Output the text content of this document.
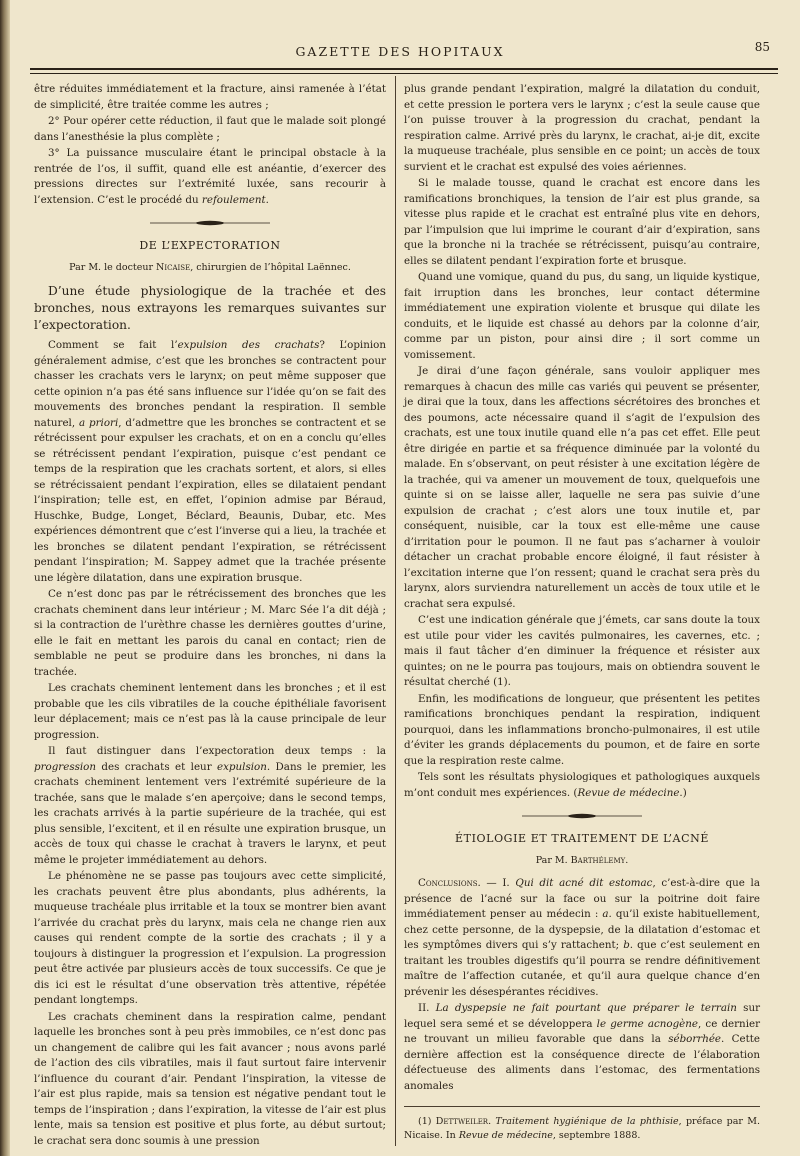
GAZETTE DES HOPITAUX	85

être réduites immédiatement et la fracture, ainsi ramenée à l’état de simplicité, être traitée comme les autres ;

2° Pour opérer cette réduction, il faut que le malade soit plongé dans l’anesthésie la plus complète ;

3° La puissance musculaire étant le principal obstacle à la rentrée de l’os, il suffit, quand elle est anéantie, d’exercer des pressions directes sur l’extrémité luxée, sans recourir à l’extension. C’est le procédé du refoulement.

DE L’EXPECTORATION
Par M. le docteur Nicaise, chirurgien de l’hôpital Laënnec.

D’une étude physiologique de la trachée et des bronches, nous extrayons les remarques suivantes sur l’expectoration.

Comment se fait l’expulsion des crachats? L’opinion généralement admise, c’est que les bronches se contractent pour chasser les crachats vers le larynx; on peut même supposer que cette opinion n’a pas été sans influence sur l’idée qu’on se fait des mouvements des bronches pendant la respiration. Il semble naturel, a priori, d’admettre que les bronches se contractent et se rétrécissent pour expulser les crachats, et on en a conclu qu’elles se rétrécissent pendant l’expiration, puisque c’est pendant ce temps de la respiration que les crachats sortent, et alors, si elles se rétrécissaient pendant l’expiration, elles se dilataient pendant l’inspiration; telle est, en effet, l’opinion admise par Béraud, Huschke, Budge, Longet, Béclard, Beaunis, Dubar, etc. Mes expériences démontrent que c’est l’inverse qui a lieu, la trachée et les bronches se dilatent pendant l’expiration, se rétrécissent pendant l’inspiration; M. Sappey admet que la trachée présente une légère dilatation, dans une expiration brusque.

Ce n’est donc pas par le rétrécissement des bronches que les crachats cheminent dans leur intérieur ; M. Marc Sée l’a dit déjà ; si la contraction de l’urèthre chasse les dernières gouttes d’urine, elle le fait en mettant les parois du canal en contact; rien de semblable ne peut se produire dans les bronches, ni dans la trachée.

Les crachats cheminent lentement dans les bronches ; et il est probable que les cils vibratiles de la couche épithéliale favorisent leur déplacement; mais ce n’est pas là la cause principale de leur progression.

Il faut distinguer dans l’expectoration deux temps : la progression des crachats et leur expulsion. Dans le premier, les crachats cheminent lentement vers l’extrémité supérieure de la trachée, sans que le malade s’en aperçoive; dans le second temps, les crachats arrivés à la partie supérieure de la trachée, qui est plus sensible, l’excitent, et il en résulte une expiration brusque, un accès de toux qui chasse le crachat à travers le larynx, et peut même le projeter immédiatement au dehors.

Le phénomène ne se passe pas toujours avec cette simplicité, les crachats peuvent être plus abondants, plus adhérents, la muqueuse trachéale plus irritable et la toux se montrer bien avant l’arrivée du crachat près du larynx, mais cela ne change rien aux causes qui rendent compte de la sortie des crachats ; il y a toujours à distinguer la progression et l’expulsion. La progression peut être activée par plusieurs accès de toux successifs. Ce que je dis ici est le résultat d’une observation très attentive, répétée pendant longtemps.

Les crachats cheminent dans la respiration calme, pendant laquelle les bronches sont à peu près immobiles, ce n’est donc pas un changement de calibre qui les fait avancer ; nous avons parlé de l’action des cils vibratiles, mais il faut surtout faire intervenir l’influence du courant d’air. Pendant l’inspiration, la vitesse de l’air est plus rapide, mais sa tension est négative pendant tout le temps de l’inspiration ; dans l’expiration, la vitesse de l’air est plus lente, mais sa tension est positive et plus forte, au début surtout; le crachat sera donc soumis à une pression

plus grande pendant l’expiration, malgré la dilatation du conduit, et cette pression le portera vers le larynx ; c’est la seule cause que l’on puisse trouver à la progression du crachat, pendant la respiration calme. Arrivé près du larynx, le crachat, ai-je dit, excite la muqueuse trachéale, plus sensible en ce point; un accès de toux survient et le crachat est expulsé des voies aériennes.

Si le malade tousse, quand le crachat est encore dans les ramifications bronchiques, la tension de l’air est plus grande, sa vitesse plus rapide et le crachat est entraîné plus vite en dehors, par l’impulsion que lui imprime le courant d’air d’expiration, sans que la bronche ni la trachée se rétrécissent, puisqu’au contraire, elles se dilatent pendant l’expiration forte et brusque.

Quand une vomique, quand du pus, du sang, un liquide kystique, fait irruption dans les bronches, leur contact détermine immédiatement une expiration violente et brusque qui dilate les conduits, et le liquide est chassé au dehors par la colonne d’air, comme par un piston, pour ainsi dire ; il sort comme un vomissement.

Je dirai d’une façon générale, sans vouloir appliquer mes remarques à chacun des mille cas variés qui peuvent se présenter, je dirai que la toux, dans les affections sécrétoires des bronches et des poumons, acte nécessaire quand il s’agit de l’expulsion des crachats, est une toux inutile quand elle n’a pas cet effet. Elle peut être dirigée en partie et sa fréquence diminuée par la volonté du malade. En s’observant, on peut résister à une excitation légère de la trachée, qui va amener un mouvement de toux, quelquefois une quinte si on se laisse aller, laquelle ne sera pas suivie d’une expulsion de crachat ; c’est alors une toux inutile et, par conséquent, nuisible, car la toux est elle-même une cause d’irritation pour le poumon. Il ne faut pas s’acharner à vouloir détacher un crachat probable encore éloigné, il faut résister à l’excitation interne que l’on ressent; quand le crachat sera près du larynx, alors surviendra naturellement un accès de toux utile et le crachat sera expulsé.

C’est une indication générale que j’émets, car sans doute la toux est utile pour vider les cavités pulmonaires, les cavernes, etc. ; mais il faut tâcher d’en diminuer la fréquence et résister aux quintes; on ne le pourra pas toujours, mais on obtiendra souvent le résultat cherché (1).

Enfin, les modifications de longueur, que présentent les petites ramifications bronchiques pendant la respiration, indiquent pourquoi, dans les inflammations broncho-pulmonaires, il est utile d’éviter les grands déplacements du poumon, et de faire en sorte que la respiration reste calme.

Tels sont les résultats physiologiques et pathologiques auxquels m’ont conduit mes expériences. (Revue de médecine.)

ÉTIOLOGIE ET TRAITEMENT DE L’ACNÉ
Par M. Barthélemy.

Conclusions. — I. Qui dit acné dit estomac, c’est-à-dire que la présence de l’acné sur la face ou sur la poitrine doit faire immédiatement penser au médecin : a. qu’il existe habituellement, chez cette personne, de la dyspepsie, de la dilatation d’estomac et les symptômes divers qui s’y rattachent; b. que c’est seulement en traitant les troubles digestifs qu’il pourra se rendre définitivement maître de l’affection cutanée, et qu’il aura quelque chance d’en prévenir les désespérantes récidives.

II. La dyspepsie ne fait pourtant que préparer le terrain sur lequel sera semé et se développera le germe acnogène, ce dernier ne trouvant un milieu favorable que dans la séborrhée. Cette dernière affection est la conséquence directe de l’élaboration défectueuse des aliments dans l’estomac, des fermentations anomales

(1) Dettweiler. Traitement hygiénique de la phthisie, préface par M. Nicaise. In Revue de médecine, septembre 1888.
